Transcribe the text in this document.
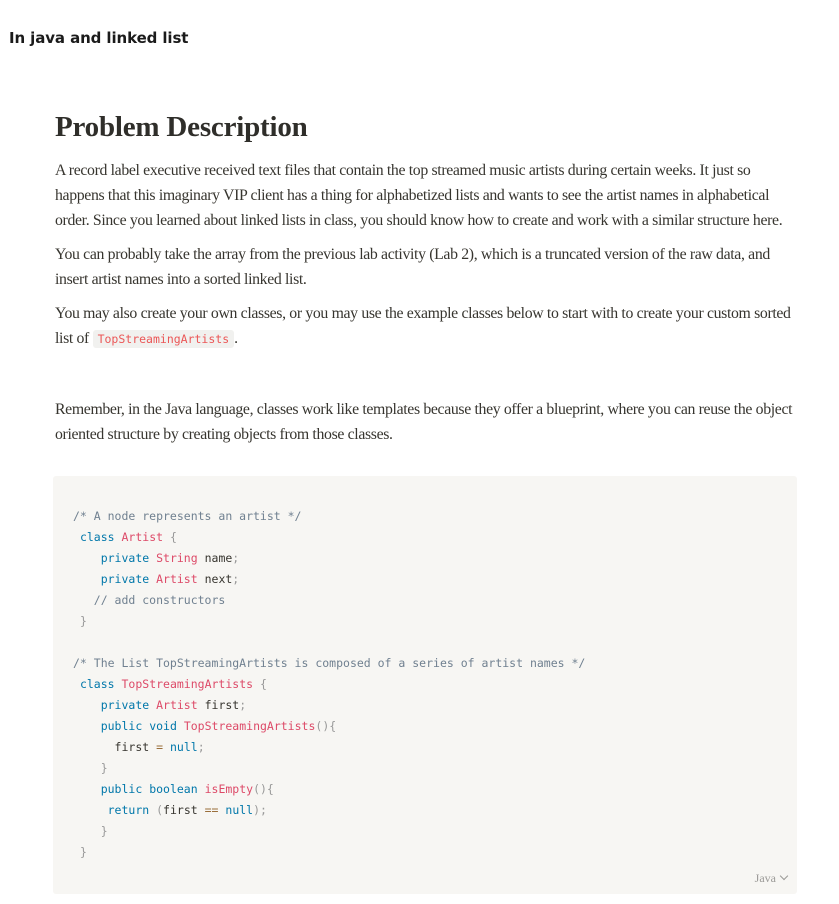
In java and linked list
Problem Description

A record label executive received text files that contain the top streamed music artists during certain weeks. It just so happens that this imaginary VIP client has a thing for alphabetized lists and wants to see the artist names in alphabetical order. Since you learned about linked lists in class, you should know how to create and work with a similar structure here.

You can probably take the array from the previous lab activity (Lab 2), which is a truncated version of the raw data, and insert artist names into a sorted linked list.

You may also create your own classes, or you may use the example classes below to start with to create your custom sorted list of TopStreamingArtists .

Remember, in the Java language, classes work like templates because they offer a blueprint, where you can reuse the object oriented structure by creating objects from those classes.

/* A node represents an artist */
class Artist {
private String name;
private Artist next;
// add constructors
}

/* The List TopStreamingArtists is composed of a series of artist names */
class TopStreamingArtists {
private Artist first;
public void TopStreamingArtists(){
first = null;
}
public boolean isEmpty(){
return (first == null);
}
}
Java
